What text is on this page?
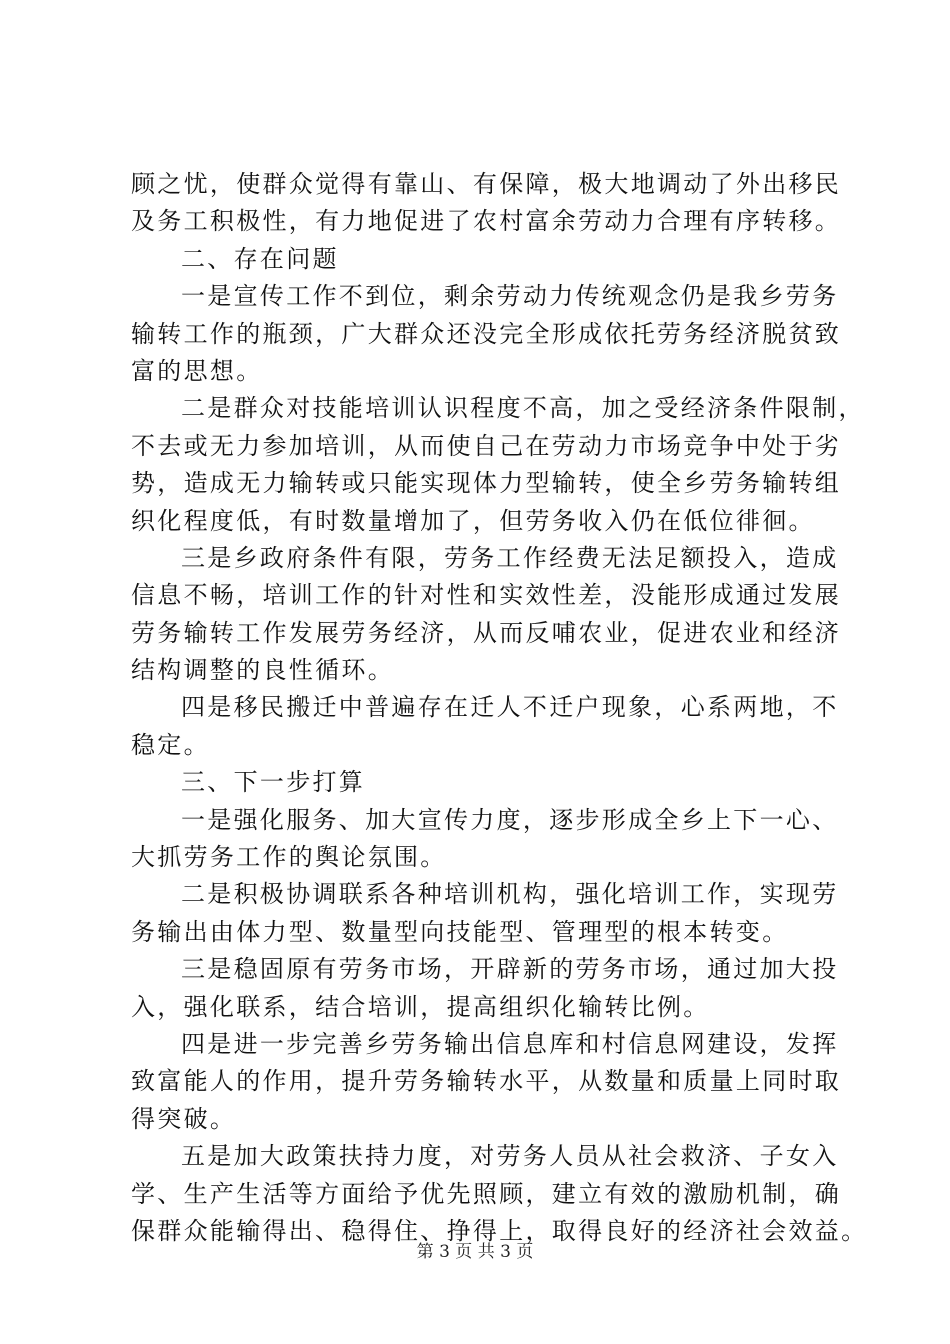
顾之忧，使群众觉得有靠山、有保障，极大地调动了外出移民
及务工积极性，有力地促进了农村富余劳动力合理有序转移。
二、存在问题
一是宣传工作不到位，剩余劳动力传统观念仍是我乡劳务
输转工作的瓶颈，广大群众还没完全形成依托劳务经济脱贫致
富的思想。
二是群众对技能培训认识程度不高，加之受经济条件限制，
不去或无力参加培训，从而使自己在劳动力市场竞争中处于劣
势，造成无力输转或只能实现体力型输转，使全乡劳务输转组
织化程度低，有时数量增加了，但劳务收入仍在低位徘徊。
三是乡政府条件有限，劳务工作经费无法足额投入，造成
信息不畅，培训工作的针对性和实效性差，没能形成通过发展
劳务输转工作发展劳务经济，从而反哺农业，促进农业和经济
结构调整的良性循环。
四是移民搬迁中普遍存在迁人不迁户现象，心系两地，不
稳定。
三、下一步打算
一是强化服务、加大宣传力度，逐步形成全乡上下一心、
大抓劳务工作的舆论氛围。
二是积极协调联系各种培训机构，强化培训工作，实现劳
务输出由体力型、数量型向技能型、管理型的根本转变。
三是稳固原有劳务市场，开辟新的劳务市场，通过加大投
入，强化联系，结合培训，提高组织化输转比例。
四是进一步完善乡劳务输出信息库和村信息网建设，发挥
致富能人的作用，提升劳务输转水平，从数量和质量上同时取
得突破。
五是加大政策扶持力度，对劳务人员从社会救济、子女入
学、生产生活等方面给予优先照顾，建立有效的激励机制，确
保群众能输得出、稳得住、挣得上，取得良好的经济社会效益。
第 3 页 共 3 页
